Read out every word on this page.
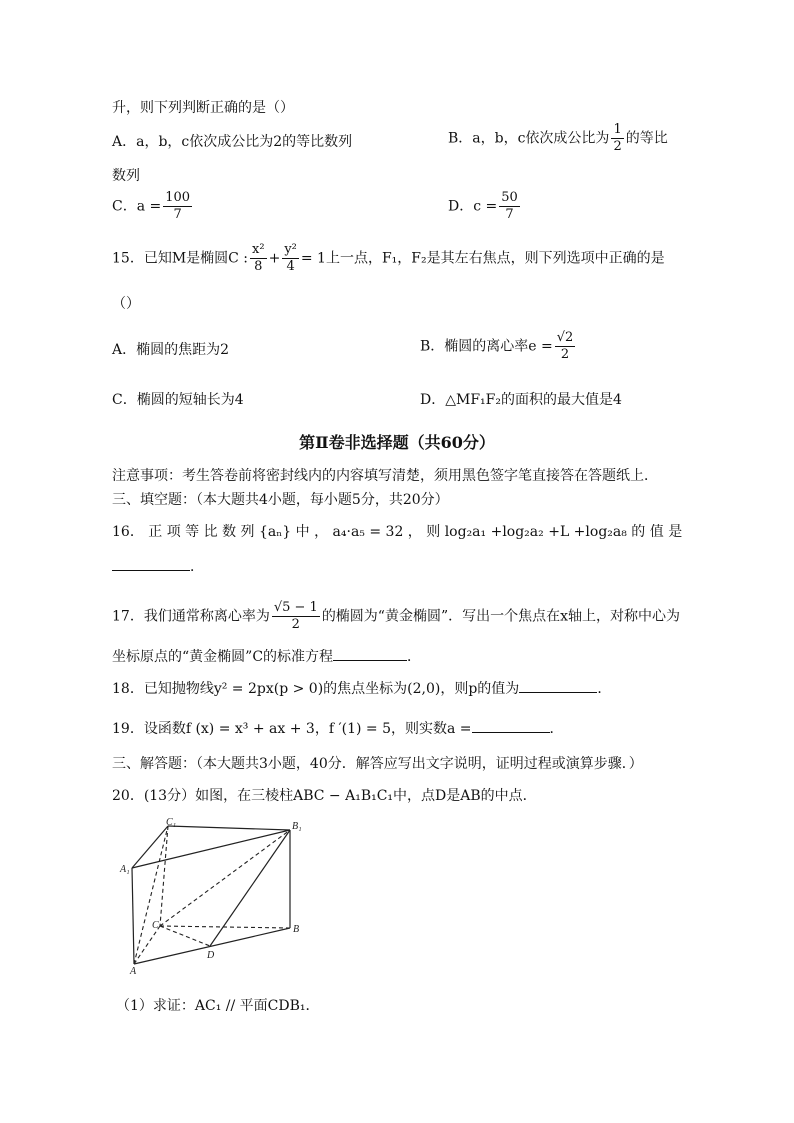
升，则下列判断正确的是（）
A．a，b，c依次成公比为2的等比数列	B．a，b，c依次成公比为 $\frac{1}{2}$ 的等比
数列
C．$a = \frac{100}{7}$	D．$c = \frac{50}{7}$
15．已知M是椭圆C : $\frac{\text{x²}}{8} + \frac{\text{y²}}{4} = 1$上一点，F₁，F₂是其左右焦点，则下列选项中正确的是
（）
A．椭圆的焦距为2	B．椭圆的离心率$e = \frac{√2}{2}$
C．椭圆的短轴长为4	D．△MF₁F₂的面积的最大值是4
第Ⅱ卷非选择题（共60分）
注意事项：考生答卷前将密封线内的内容填写清楚，须用黑色签字笔直接答在答题纸上．
三、填空题：（本大题共4小题，每小题5分，共20分）
16． 正 项 等 比 数 列 {aₙ} 中 ， a₄·a₅ = 32 ， 则 log₂a₁ +log₂a₂ +L +log₂a₈ 的 值 是
．
17．我们通常称离心率为 $\frac{√5 - 1}{2}$ 的椭圆为“黄金椭圆”．写出一个焦点在x轴上，对称中心为
坐标原点的“黄金椭圆”C的标准方程	．
18．已知抛物线y² = 2px(p > 0)的焦点坐标为(2,0)，则p的值为	．
19．设函数f (x) = x³ + ax + 3，f ′(1) = 5，则实数a =	．
三、解答题：（本大题共3小题，40分．解答应写出文字说明，证明过程或演算步骤．）
20．(13分）如图，在三棱柱ABC − A₁B₁C₁中，点D是AB的中点．
C₁	B₁
A₁
C	B
A
D
（1）求证：AC₁ // 平面CDB₁．
